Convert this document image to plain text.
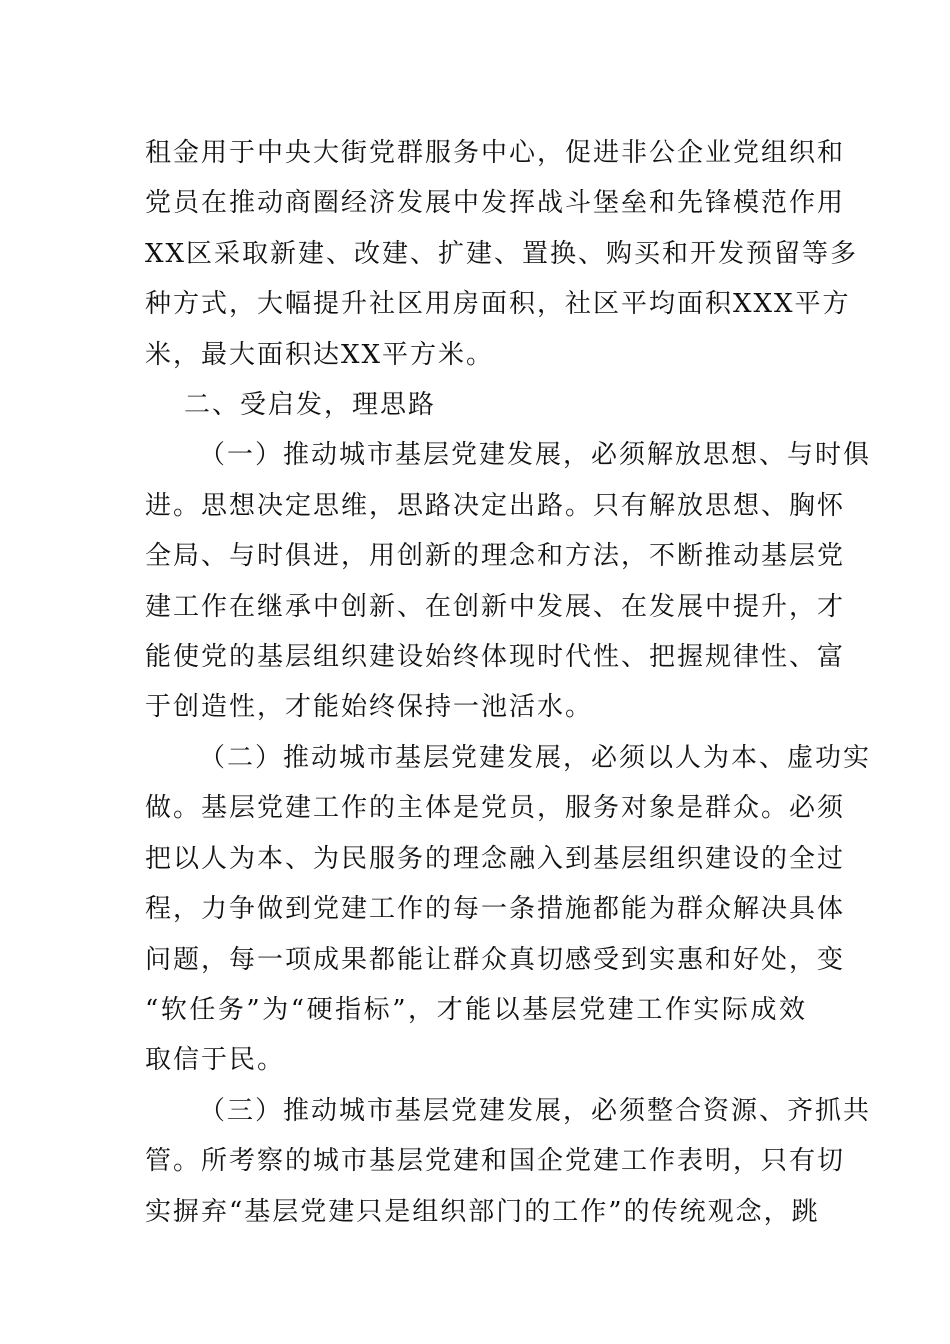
租金用于中央大街党群服务中心，促进非公企业党组织和
党员在推动商圈经济发展中发挥战斗堡垒和先锋模范作用
XX区采取新建、改建、扩建、置换、购买和开发预留等多
种方式，大幅提升社区用房面积，社区平均面积XXX平方
米，最大面积达XX平方米。
二、受启发，理思路
（一）推动城市基层党建发展，必须解放思想、与时俱
进。思想决定思维，思路决定出路。只有解放思想、胸怀
全局、与时俱进，用创新的理念和方法，不断推动基层党
建工作在继承中创新、在创新中发展、在发展中提升，才
能使党的基层组织建设始终体现时代性、把握规律性、富
于创造性，才能始终保持一池活水。
（二）推动城市基层党建发展，必须以人为本、虚功实
做。基层党建工作的主体是党员，服务对象是群众。必须
把以人为本、为民服务的理念融入到基层组织建设的全过
程，力争做到党建工作的每一条措施都能为群众解决具体
问题，每一项成果都能让群众真切感受到实惠和好处，变
“软任务”为“硬指标”，才能以基层党建工作实际成效
取信于民。
（三）推动城市基层党建发展，必须整合资源、齐抓共
管。所考察的城市基层党建和国企党建工作表明，只有切
实摒弃“基层党建只是组织部门的工作”的传统观念，跳
